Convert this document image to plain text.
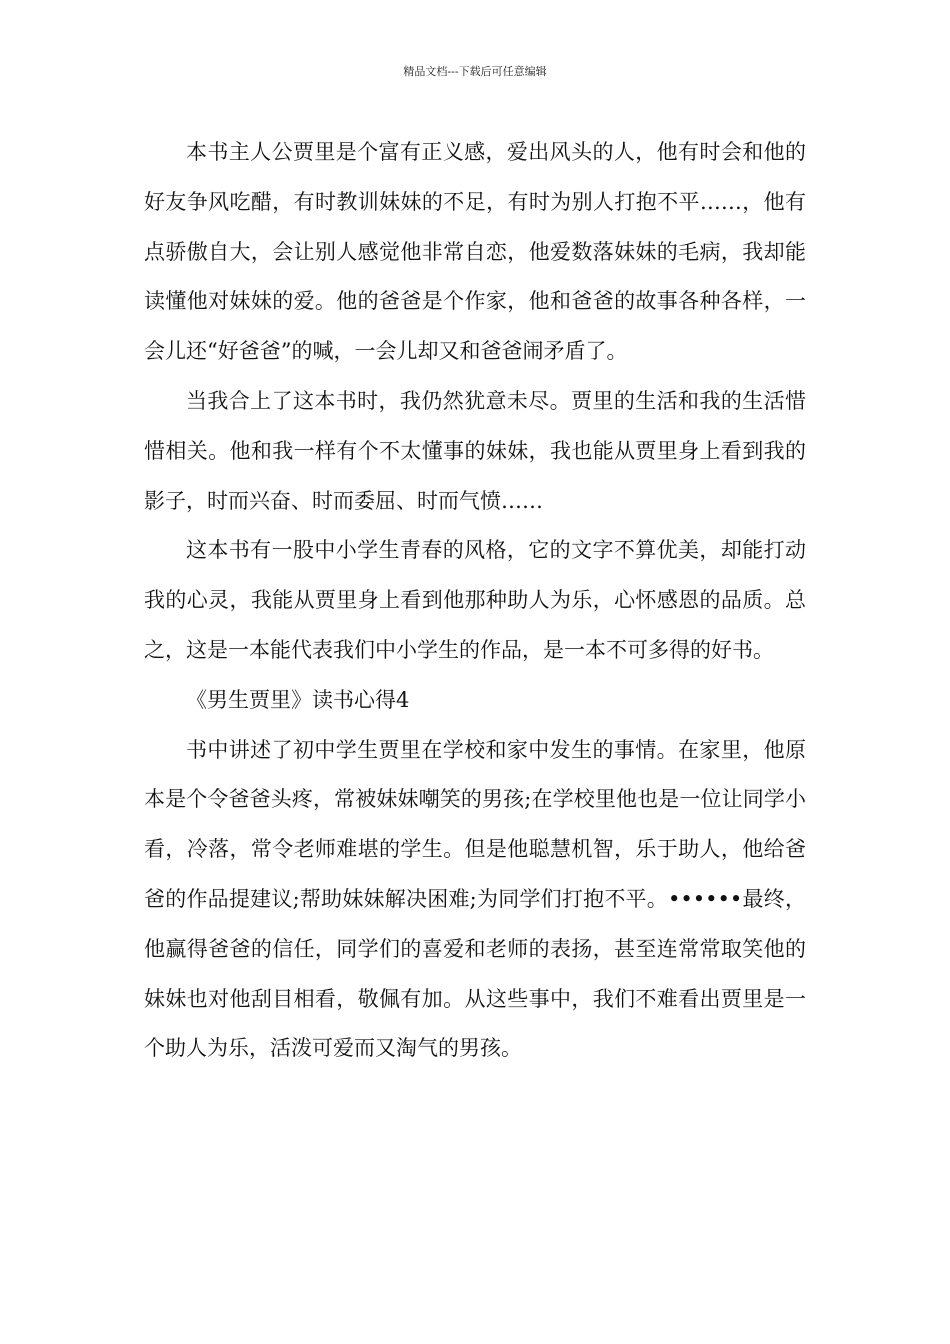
精品文档---下载后可任意编辑

本书主人公贾里是个富有正义感，爱出风头的人，他有时会和他的好友争风吃醋，有时教训妹妹的不足，有时为别人打抱不平……，他有点骄傲自大，会让别人感觉他非常自恋，他爱数落妹妹的毛病，我却能读懂他对妹妹的爱。他的爸爸是个作家，他和爸爸的故事各种各样，一会儿还“好爸爸”的喊，一会儿却又和爸爸闹矛盾了。

当我合上了这本书时，我仍然犹意未尽。贾里的生活和我的生活惜惜相关。他和我一样有个不太懂事的妹妹，我也能从贾里身上看到我的影子，时而兴奋、时而委屈、时而气愤……

这本书有一股中小学生青春的风格，它的文字不算优美，却能打动我的心灵，我能从贾里身上看到他那种助人为乐，心怀感恩的品质。总之，这是一本能代表我们中小学生的作品，是一本不可多得的好书。

《男生贾里》读书心得4

书中讲述了初中学生贾里在学校和家中发生的事情。在家里，他原本是个令爸爸头疼，常被妹妹嘲笑的男孩;在学校里他也是一位让同学小看，冷落，常令老师难堪的学生。但是他聪慧机智，乐于助人，他给爸爸的作品提建议;帮助妹妹解决困难;为同学们打抱不平。••••••最终，他赢得爸爸的信任，同学们的喜爱和老师的表扬，甚至连常常取笑他的妹妹也对他刮目相看，敬佩有加。从这些事中，我们不难看出贾里是一个助人为乐，活泼可爱而又淘气的男孩。
